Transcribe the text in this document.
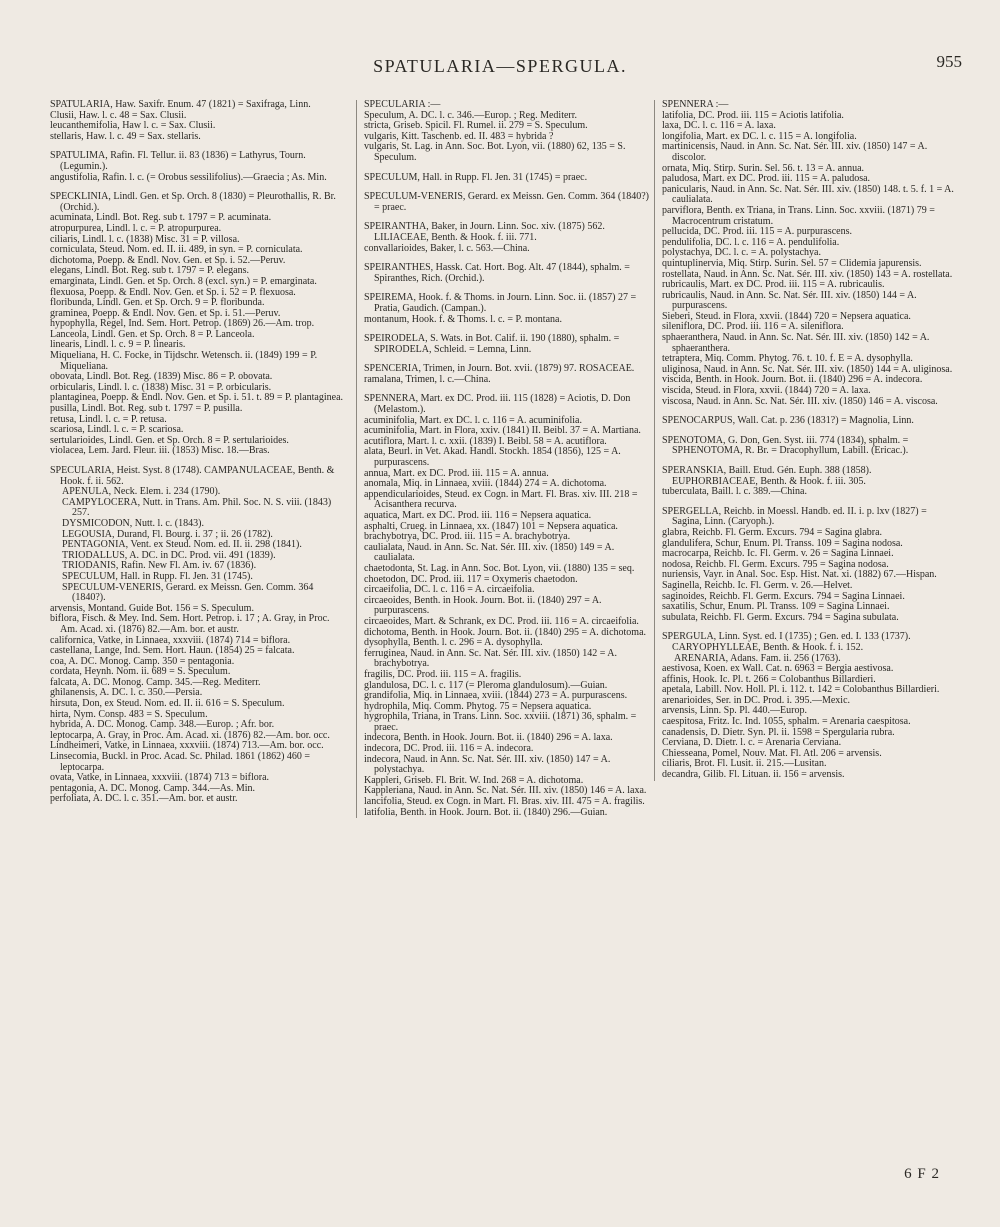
SPATULARIA—SPERGULA.	955

SPATULARIA, Haw. Saxifr. Enum. 47 (1821) = Saxifraga, Linn.

Clusii, Haw. l. c. 48 = Sax. Clusii.

leucanthemifolia, Haw l. c. = Sax. Clusii.

stellaris, Haw. l. c. 49 = Sax. stellaris.

SPATULIMA, Rafin. Fl. Tellur. ii. 83 (1836) = Lathyrus, Tourn. (Legumin.).

angustifolia, Rafin. l. c. (= Orobus sessilifolius).—Graecia ; As. Min.

SPECKLINIA, Lindl. Gen. et Sp. Orch. 8 (1830) = Pleurothallis, R. Br. (Orchid.).

acuminata, Lindl. Bot. Reg. sub t. 1797 = P. acuminata.

atropurpurea, Lindl. l. c. = P. atropurpurea.

ciliaris, Lindl. l. c. (1838) Misc. 31 = P. villosa.

corniculata, Steud. Nom. ed. II. ii. 489, in syn. = P. corniculata.

dichotoma, Poepp. & Endl. Nov. Gen. et Sp. i. 52.—Peruv.

elegans, Lindl. Bot. Reg. sub t. 1797 = P. elegans.

emarginata, Lindl. Gen. et Sp. Orch. 8 (excl. syn.) = P. emarginata.

flexuosa, Poepp. & Endl. Nov. Gen. et Sp. i. 52 = P. flexuosa.

floribunda, Lindl. Gen. et Sp. Orch. 9 = P. floribunda.

graminea, Poepp. & Endl. Nov. Gen. et Sp. i. 51.—Peruv.

hypophylla, Regel, Ind. Sem. Hort. Petrop. (1869) 26.—Am. trop.

Lanceola, Lindl. Gen. et Sp. Orch. 8 = P. Lanceola.

linearis, Lindl. l. c. 9 = P. linearis.

Miqueliana, H. C. Focke, in Tijdschr. Wetensch. ii. (1849) 199 = P. Miqueliana.

obovata, Lindl. Bot. Reg. (1839) Misc. 86 = P. obovata.

orbicularis, Lindl. l. c. (1838) Misc. 31 = P. orbicularis.

plantaginea, Poepp. & Endl. Nov. Gen. et Sp. i. 51. t. 89 = P. plantaginea.

pusilla, Lindl. Bot. Reg. sub t. 1797 = P. pusilla.

retusa, Lindl. l. c. = P. retusa.

scariosa, Lindl. l. c. = P. scariosa.

sertularioides, Lindl. Gen. et Sp. Orch. 8 = P. sertularioides.

violacea, Lem. Jard. Fleur. iii. (1853) Misc. 18.—Bras.

SPECULARIA, Heist. Syst. 8 (1748). CAMPANULACEAE, Benth. & Hook. f. ii. 562.

APENULA, Neck. Elem. i. 234 (1790).

CAMPYLOCERA, Nutt. in Trans. Am. Phil. Soc. N. S. viii. (1843) 257.

DYSMICODON, Nutt. l. c. (1843).

LEGOUSIA, Durand, Fl. Bourg. i. 37 ; ii. 26 (1782).

PENTAGONIA, Vent. ex Steud. Nom. ed. II. ii. 298 (1841).

TRIODALLUS, A. DC. in DC. Prod. vii. 491 (1839).

TRIODANIS, Rafin. New Fl. Am. iv. 67 (1836).

SPECULUM, Hall. in Rupp. Fl. Jen. 31 (1745).

SPECULUM-VENERIS, Gerard. ex Meissn. Gen. Comm. 364 (1840?).

arvensis, Montand. Guide Bot. 156 = S. Speculum.

biflora, Fisch. & Mey. Ind. Sem. Hort. Petrop. i. 17 ; A. Gray, in Proc. Am. Acad. xi. (1876) 82.—Am. bor. et austr.

californica, Vatke, in Linnaea, xxxviii. (1874) 714 = biflora.

castellana, Lange, Ind. Sem. Hort. Haun. (1854) 25 = falcata.

coa, A. DC. Monog. Camp. 350 = pentagonia.

cordata, Heynh. Nom. ii. 689 = S. Speculum.

falcata, A. DC. Monog. Camp. 345.—Reg. Mediterr.

ghilanensis, A. DC. l. c. 350.—Persia.

hirsuta, Don, ex Steud. Nom. ed. II. ii. 616 = S. Speculum.

hirta, Nym. Consp. 483 = S. Speculum.

hybrida, A. DC. Monog. Camp. 348.—Europ. ; Afr. bor.

leptocarpa, A. Gray, in Proc. Am. Acad. xi. (1876) 82.—Am. bor. occ.

Lindheimeri, Vatke, in Linnaea, xxxviii. (1874) 713.—Am. bor. occ.

Linsecomia, Buckl. in Proc. Acad. Sc. Philad. 1861 (1862) 460 = leptocarpa.

ovata, Vatke, in Linnaea, xxxviii. (1874) 713 = biflora.

pentagonia, A. DC. Monog. Camp. 344.—As. Min.

perfoliata, A. DC. l. c. 351.—Am. bor. et austr.

SPECULARIA :—

Speculum, A. DC. l. c. 346.—Europ. ; Reg. Mediterr.

stricta, Griseb. Spicil. Fl. Rumel. ii. 279 = S. Speculum.

vulgaris, Kitt. Taschenb. ed. II. 483 = hybrida ?

vulgaris, St. Lag. in Ann. Soc. Bot. Lyon, vii. (1880) 62, 135 = S. Speculum.

SPECULUM, Hall. in Rupp. Fl. Jen. 31 (1745) = praec.

SPECULUM-VENERIS, Gerard. ex Meissn. Gen. Comm. 364 (1840?) = praec.

SPEIRANTHA, Baker, in Journ. Linn. Soc. xiv. (1875) 562. LILIACEAE, Benth. & Hook. f. iii. 771.

convallarioides, Baker, l. c. 563.—China.

SPEIRANTHES, Hassk. Cat. Hort. Bog. Alt. 47 (1844), sphalm. = Spiranthes, Rich. (Orchid.).

SPEIREMA, Hook. f. & Thoms. in Journ. Linn. Soc. ii. (1857) 27 = Pratia, Gaudich. (Campan.).

montanum, Hook. f. & Thoms. l. c. = P. montana.

SPEIRODELA, S. Wats. in Bot. Calif. ii. 190 (1880), sphalm. = SPIRODELA, Schleid. = Lemna, Linn.

SPENCERIA, Trimen, in Journ. Bot. xvii. (1879) 97. ROSACEAE.

ramalana, Trimen, l. c.—China.

SPENNERA, Mart. ex DC. Prod. iii. 115 (1828) = Aciotis, D. Don (Melastom.).

acuminifolia, Mart. ex DC. l. c. 116 = A. acuminifolia.

acuminifolia, Mart. in Flora, xxiv. (1841) II. Beibl. 37 = A. Martiana.

acutiflora, Mart. l. c. xxii. (1839) I. Beibl. 58 = A. acutiflora.

alata, Beurl. in Vet. Akad. Handl. Stockh. 1854 (1856), 125 = A. purpurascens.

annua, Mart. ex DC. Prod. iii. 115 = A. annua.

anomala, Miq. in Linnaea, xviii. (1844) 274 = A. dichotoma.

appendicularioides, Steud. ex Cogn. in Mart. Fl. Bras. xiv. III. 218 = Acisanthera recurva.

aquatica, Mart. ex DC. Prod. iii. 116 = Nepsera aquatica.

asphalti, Crueg. in Linnaea, xx. (1847) 101 = Nepsera aquatica.

brachybotrya, DC. Prod. iii. 115 = A. brachybotrya.

caulialata, Naud. in Ann. Sc. Nat. Sér. III. xiv. (1850) 149 = A. caulialata.

chaetodonta, St. Lag. in Ann. Soc. Bot. Lyon, vii. (1880) 135 = seq.

choetodon, DC. Prod. iii. 117 = Oxymeris chaetodon.

circaeifolia, DC. l. c. 116 = A. circaeifolia.

circaeoides, Benth. in Hook. Journ. Bot. ii. (1840) 297 = A. purpurascens.

circaeoides, Mart. & Schrank, ex DC. Prod. iii. 116 = A. circaeifolia.

dichotoma, Benth. in Hook. Journ. Bot. ii. (1840) 295 = A. dichotoma.

dysophylla, Benth. l. c. 296 = A. dysophylla.

ferruginea, Naud. in Ann. Sc. Nat. Sér. III. xiv. (1850) 142 = A. brachybotrya.

fragilis, DC. Prod. iii. 115 = A. fragilis.

glandulosa, DC. l. c. 117 (= Pleroma glandulosum).—Guian.

grandifolia, Miq. in Linnaea, xviii. (1844) 273 = A. purpurascens.

hydrophila, Miq. Comm. Phytog. 75 = Nepsera aquatica.

hygrophila, Triana, in Trans. Linn. Soc. xxviii. (1871) 36, sphalm. = praec.

indecora, Benth. in Hook. Journ. Bot. ii. (1840) 296 = A. laxa.

indecora, DC. Prod. iii. 116 = A. indecora.

indecora, Naud. in Ann. Sc. Nat. Sér. III. xiv. (1850) 147 = A. polystachya.

Kappleri, Griseb. Fl. Brit. W. Ind. 268 = A. dichotoma.

Kappleriana, Naud. in Ann. Sc. Nat. Sér. III. xiv. (1850) 146 = A. laxa.

lancifolia, Steud. ex Cogn. in Mart. Fl. Bras. xiv. III. 475 = A. fragilis.

latifolia, Benth. in Hook. Journ. Bot. ii. (1840) 296.—Guian.

SPENNERA :—

latifolia, DC. Prod. iii. 115 = Aciotis latifolia.

laxa, DC. l. c. 116 = A. laxa.

longifolia, Mart. ex DC. l. c. 115 = A. longifolia.

martinicensis, Naud. in Ann. Sc. Nat. Sér. III. xiv. (1850) 147 = A. discolor.

ornata, Miq. Stirp. Surin. Sel. 56. t. 13 = A. annua.

paludosa, Mart. ex DC. Prod. iii. 115 = A. paludosa.

panicularis, Naud. in Ann. Sc. Nat. Sér. III. xiv. (1850) 148. t. 5. f. 1 = A. caulialata.

parviflora, Benth. ex Triana, in Trans. Linn. Soc. xxviii. (1871) 79 = Macrocentrum cristatum.

pellucida, DC. Prod. iii. 115 = A. purpurascens.

pendulifolia, DC. l. c. 116 = A. pendulifolia.

polystachya, DC. l. c. = A. polystachya.

quintuplinervia, Miq. Stirp. Surin. Sel. 57 = Clidemia japurensis.

rostellata, Naud. in Ann. Sc. Nat. Sér. III. xiv. (1850) 143 = A. rostellata.

rubricaulis, Mart. ex DC. Prod. iii. 115 = A. rubricaulis.

rubricaulis, Naud. in Ann. Sc. Nat. Sér. III. xiv. (1850) 144 = A. purpurascens.

Sieberi, Steud. in Flora, xxvii. (1844) 720 = Nepsera aquatica.

sileniflora, DC. Prod. iii. 116 = A. sileniflora.

sphaeranthera, Naud. in Ann. Sc. Nat. Sér. III. xiv. (1850) 142 = A. sphaeranthera.

tetraptera, Miq. Comm. Phytog. 76. t. 10. f. E = A. dysophylla.

uliginosa, Naud. in Ann. Sc. Nat. Sér. III. xiv. (1850) 144 = A. uliginosa.

viscida, Benth. in Hook. Journ. Bot. ii. (1840) 296 = A. indecora.

viscida, Steud. in Flora, xxvii. (1844) 720 = A. laxa.

viscosa, Naud. in Ann. Sc. Nat. Sér. III. xiv. (1850) 146 = A. viscosa.

SPENOCARPUS, Wall. Cat. p. 236 (1831?) = Magnolia, Linn.

SPENOTOMA, G. Don, Gen. Syst. iii. 774 (1834), sphalm. = SPHENOTOMA, R. Br. = Dracophyllum, Labill. (Ericac.).

SPERANSKIA, Baill. Etud. Gén. Euph. 388 (1858). EUPHORBIACEAE, Benth. & Hook. f. iii. 305.

tuberculata, Baill. l. c. 389.—China.

SPERGELLA, Reichb. in Moessl. Handb. ed. II. i. p. lxv (1827) = Sagina, Linn. (Caryoph.).

glabra, Reichb. Fl. Germ. Excurs. 794 = Sagina glabra.

glandulifera, Schur, Enum. Pl. Transs. 109 = Sagina nodosa.

macrocarpa, Reichb. Ic. Fl. Germ. v. 26 = Sagina Linnaei.

nodosa, Reichb. Fl. Germ. Excurs. 795 = Sagina nodosa.

nuriensis, Vayr. in Anal. Soc. Esp. Hist. Nat. xi. (1882) 67.—Hispan.

Saginella, Reichb. Ic. Fl. Germ. v. 26.—Helvet.

saginoides, Reichb. Fl. Germ. Excurs. 794 = Sagina Linnaei.

saxatilis, Schur, Enum. Pl. Transs. 109 = Sagina Linnaei.

subulata, Reichb. Fl. Germ. Excurs. 794 = Sagina subulata.

SPERGULA, Linn. Syst. ed. I (1735) ; Gen. ed. I. 133 (1737). CARYOPHYLLEAE, Benth. & Hook. f. i. 152.

ARENARIA, Adans. Fam. ii. 256 (1763).

aestivosa, Koen. ex Wall. Cat. n. 6963 = Bergia aestivosa.

affinis, Hook. Ic. Pl. t. 266 = Colobanthus Billardieri.

apetala, Labill. Nov. Holl. Pl. i. 112. t. 142 = Colobanthus Billardieri.

arenarioides, Ser. in DC. Prod. i. 395.—Mexic.

arvensis, Linn. Sp. Pl. 440.—Europ.

caespitosa, Fritz. Ic. Ind. 1055, sphalm. = Arenaria caespitosa.

canadensis, D. Dietr. Syn. Pl. ii. 1598 = Spergularia rubra.

Cerviana, D. Dietr. l. c. = Arenaria Cerviana.

Chiesseana, Pomel, Nouv. Mat. Fl. Atl. 206 = arvensis.

ciliaris, Brot. Fl. Lusit. ii. 215.—Lusitan.

decandra, Gilib. Fl. Lituan. ii. 156 = arvensis.

6 F 2
